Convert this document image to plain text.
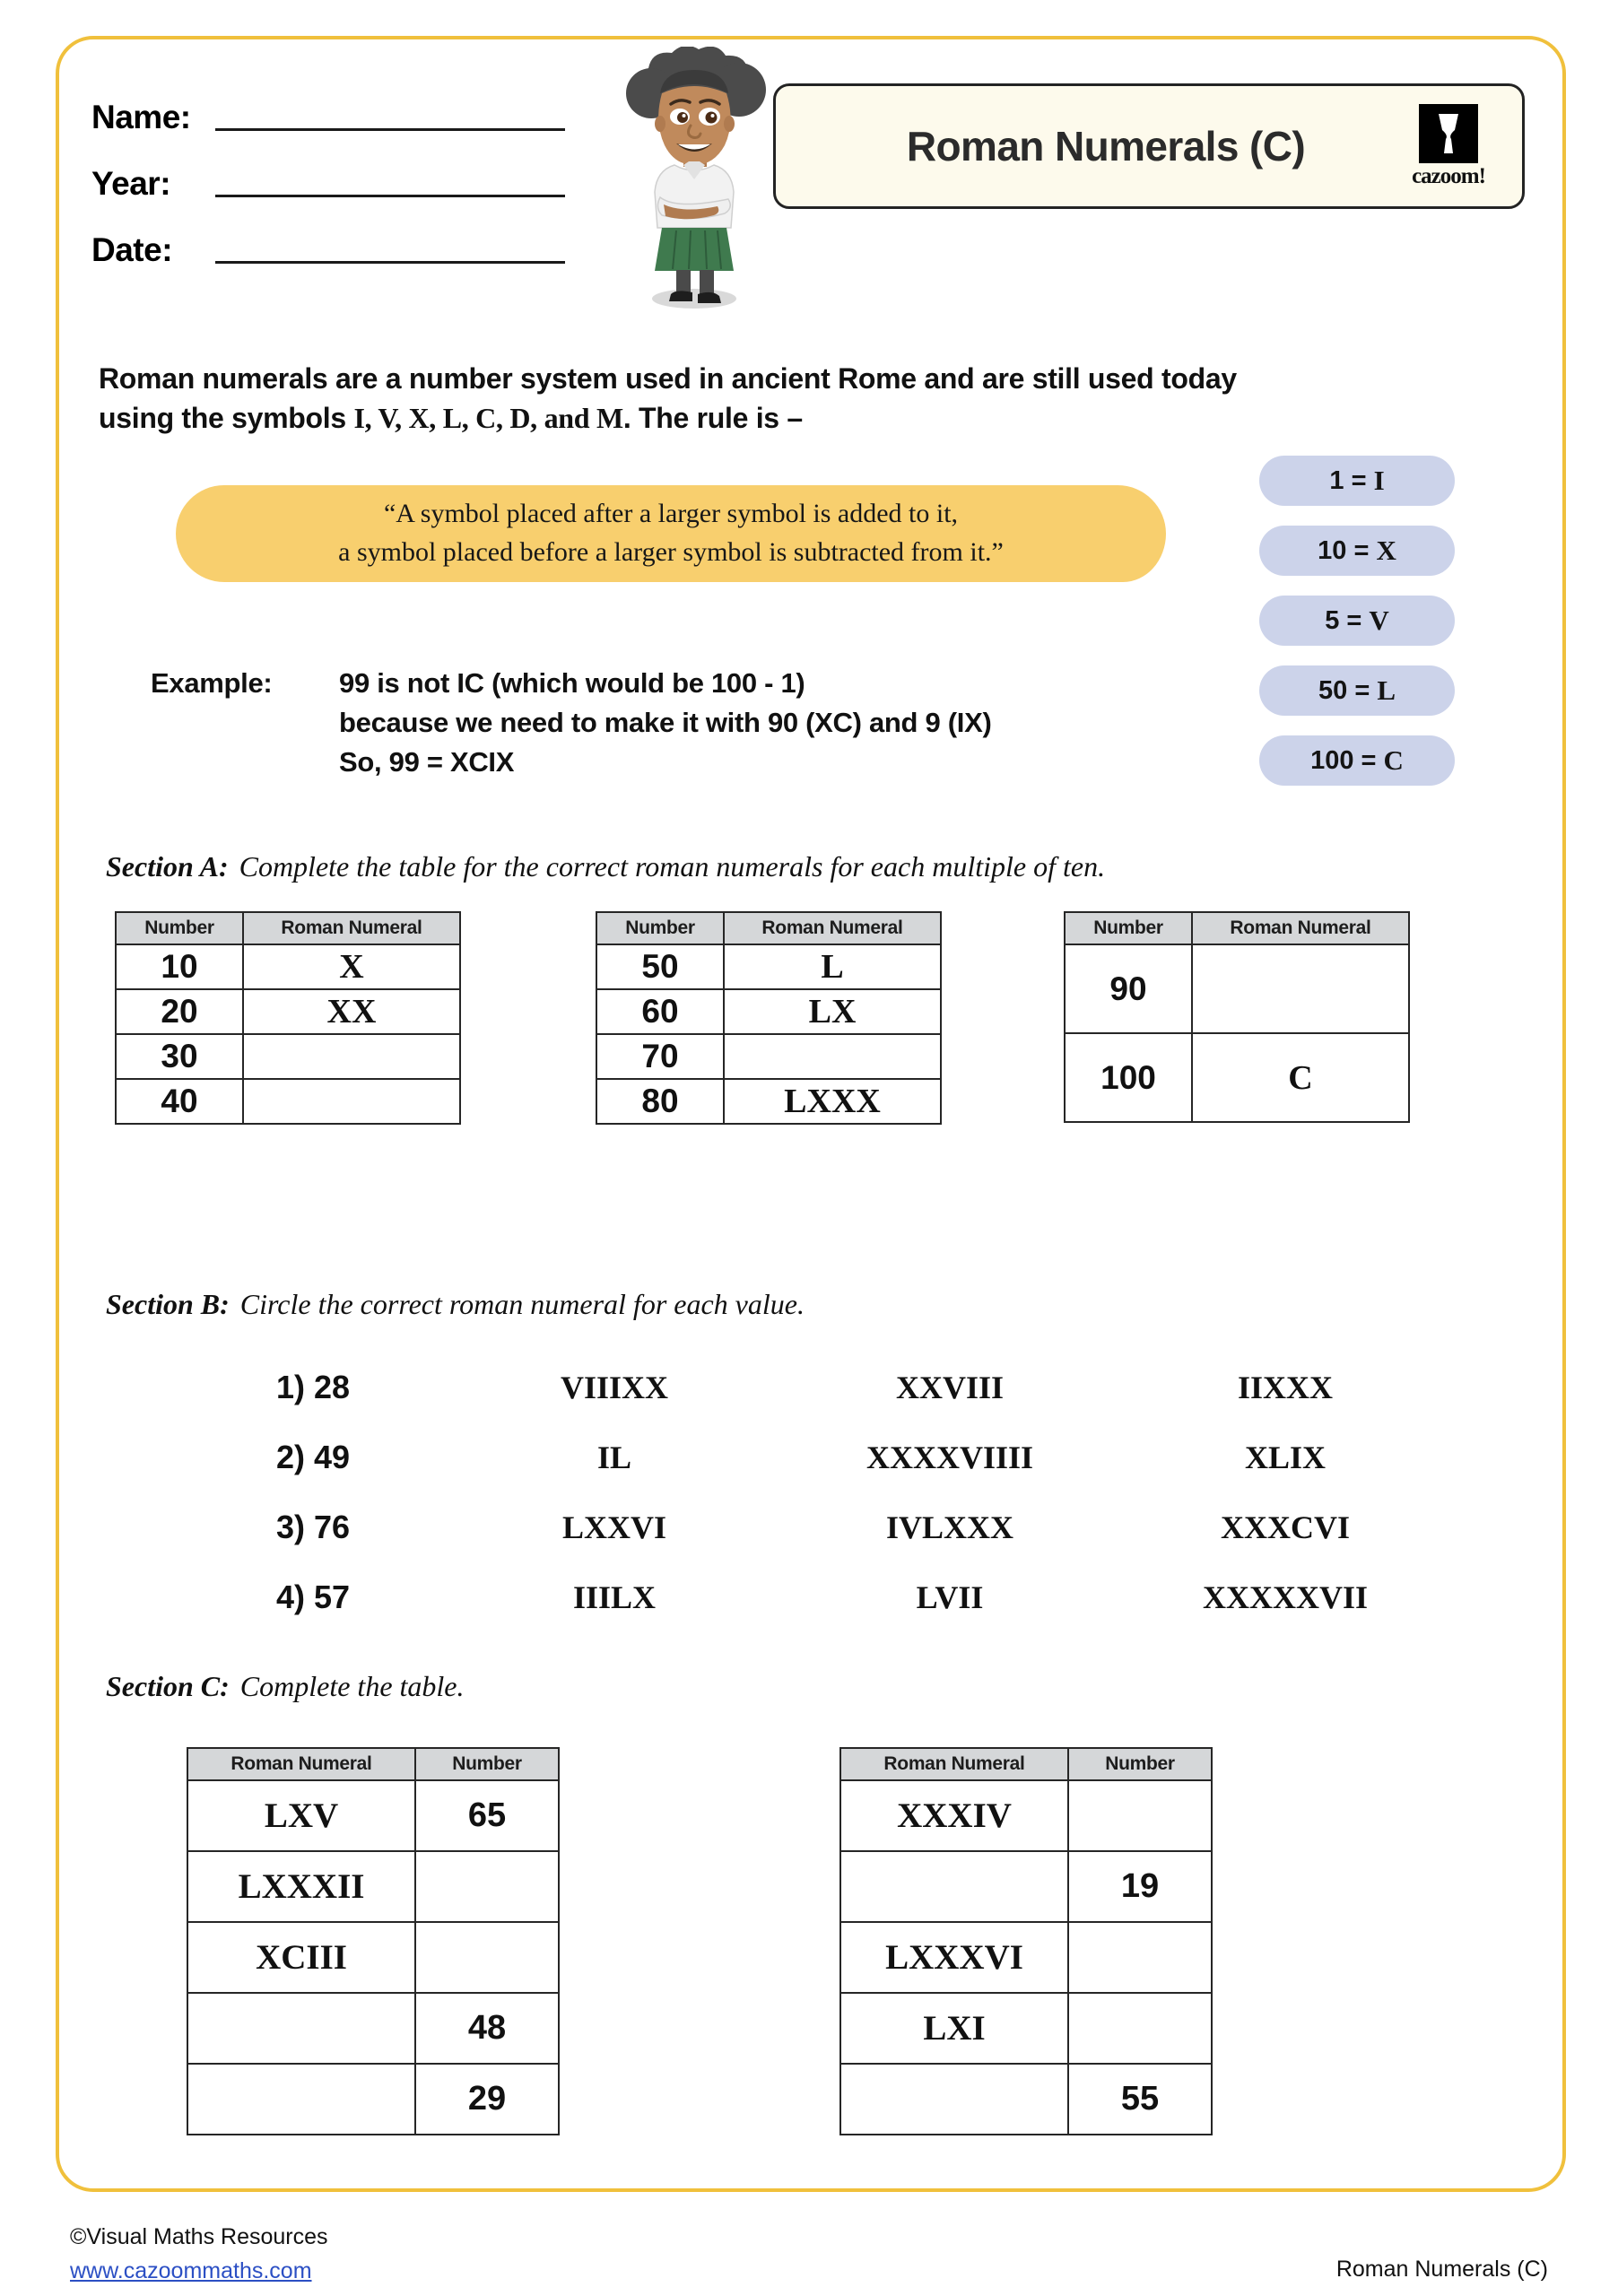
Name:
Year:
Date:
Roman Numerals (C)
cazoom!
Roman numerals are a number system used in ancient Rome and are still used today
using the symbols I, V, X, L, C, D, and M. The rule is –
“A symbol placed after a larger symbol is added to it,
a symbol placed before a larger symbol is subtracted from it.”
Example: 99 is not IC (which would be 100 - 1)
because we need to make it with 90 (XC) and 9 (IX)
So, 99 = XCIX
1
=
I
10
=
X
5
=
V
50
=
L
100
=
C
Section A: Complete the table for the correct roman numerals for each multiple of ten.
Number	Roman Numeral
10	X
20	XX
30	
40	
Number	Roman Numeral
50	L
60	LX
70	
80	LXXX
Number	Roman Numeral
90	
100	C
Section B: Circle the correct roman numeral for each value.
1) 28	VIIIXX	XXVIII	IIXXX
2) 49	IL	XXXXVIIII	XLIX
3) 76	LXXVI	IVLXXX	XXXCVI
4) 57	IIILX	LVII	XXXXXVII
Section C: Complete the table.
Roman Numeral	Number
LXV	65
LXXXII	
XCIII	
	48
	29
Roman Numeral	Number
XXXIV	
	19
LXXXVI	
LXI	
	55
©Visual Maths Resources
www.cazoommaths.com	Roman Numerals (C)
